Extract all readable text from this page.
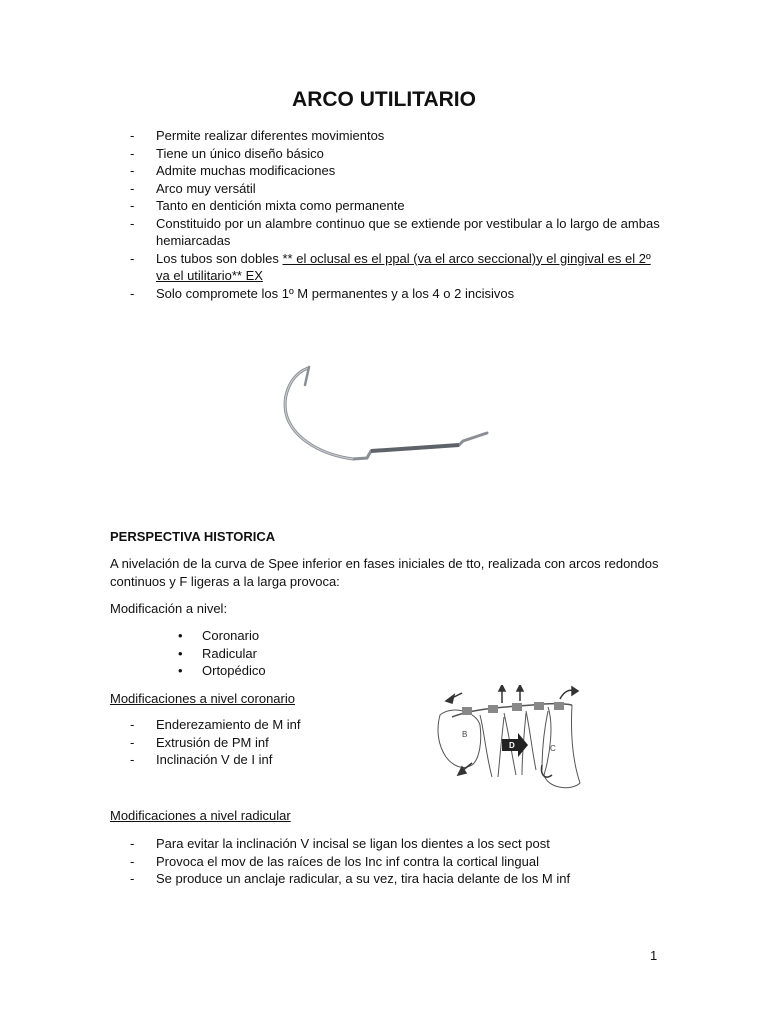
ARCO UTILITARIO
- Permite realizar diferentes movimientos
- Tiene un único diseño básico
- Admite muchas modificaciones
- Arco muy versátil
- Tanto en dentición mixta como permanente
- Constituido por un alambre continuo que se extiende por vestibular a lo largo de ambas hemiarcadas
- Los tubos son dobles ** el oclusal es el ppal (va el arco seccional)y el gingival es el 2º va el utilitario** EX
- Solo compromete los 1º M permanentes y a los 4 o 2 incisivos
PERSPECTIVA HISTORICA
A nivelación de la curva de Spee inferior en fases iniciales de tto, realizada con arcos redondos continuos y F ligeras a la larga provoca:
Modificación a nivel:
• Coronario
• Radicular
• Ortopédico
Modificaciones a nivel coronario
- Enderezamiento de M inf
- Extrusión de PM inf
- Inclinación V de I inf
B
D	C
Modificaciones a nivel radicular
- Para evitar la inclinación V incisal se ligan los dientes a los sect post
- Provoca el mov de las raíces de los Inc inf contra la cortical lingual
- Se produce un anclaje radicular, a su vez, tira hacia delante de los M inf
1
